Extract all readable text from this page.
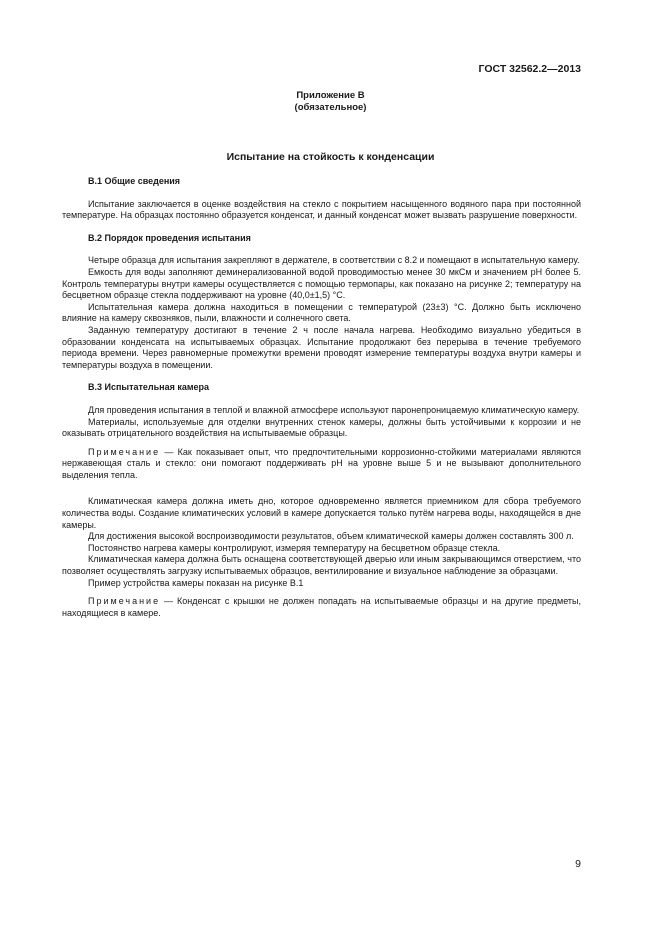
ГОСТ 32562.2—2013
Приложение В
(обязательное)
Испытание на стойкость к конденсации
В.1 Общие сведения

Испытание заключается в оценке воздействия на стекло с покрытием насыщенного водяного пара при постоянной температуре. На образцах постоянно образуется конденсат, и данный конденсат может вызвать разрушение поверхности.

В.2 Порядок проведения испытания

Четыре образца для испытания закрепляют в держателе, в соответствии с 8.2 и помещают в испытательную камеру.

Емкость для воды заполняют деминерализованной водой проводимостью менее 30 мкСм и значением pH более 5. Контроль температуры внутри камеры осуществляется с помощью термопары, как показано на рисунке 2; температуру на бесцветном образце стекла поддерживают на уровне (40,0±1,5) °С.

Испытательная камера должна находиться в помещении с температурой (23±3) °С. Должно быть исключено влияние на камеру сквозняков, пыли, влажности и солнечного света.

Заданную температуру достигают в течение 2 ч после начала нагрева. Необходимо визуально убедиться в образовании конденсата на испытываемых образцах. Испытание продолжают без перерыва в течение требуемого периода времени. Через равномерные промежутки времени проводят измерение температуры воздуха внутри камеры и температуры воздуха в помещении.

В.3 Испытательная камера

Для проведения испытания в теплой и влажной атмосфере используют паронепроницаемую климатическую камеру.

Материалы, используемые для отделки внутренних стенок камеры, должны быть устойчивыми к коррозии и не оказывать отрицательного воздействия на испытываемые образцы.

Примечание — Как показывает опыт, что предпочтительными коррозионно-стойкими материалами являются нержавеющая сталь и стекло: они помогают поддерживать pH на уровне выше 5 и не вызывают дополнительного выделения тепла.

Климатическая камера должна иметь дно, которое одновременно является приемником для сбора требуемого количества воды. Создание климатических условий в камере допускается только путём нагрева воды, находящейся в дне камеры.

Для достижения высокой воспроизводимости результатов, объем климатической камеры должен составлять 300 л.

Постоянство нагрева камеры контролируют, измеряя температуру на бесцветном образце стекла.

Климатическая камера должна быть оснащена соответствующей дверью или иным закрывающимся отверстием, что позволяет осуществлять загрузку испытываемых образцов, вентилирование и визуальное наблюдение за образцами.

Пример устройства камеры показан на рисунке В.1

Примечание — Конденсат с крышки не должен попадать на испытываемые образцы и на другие предметы, находящиеся в камере.

9
